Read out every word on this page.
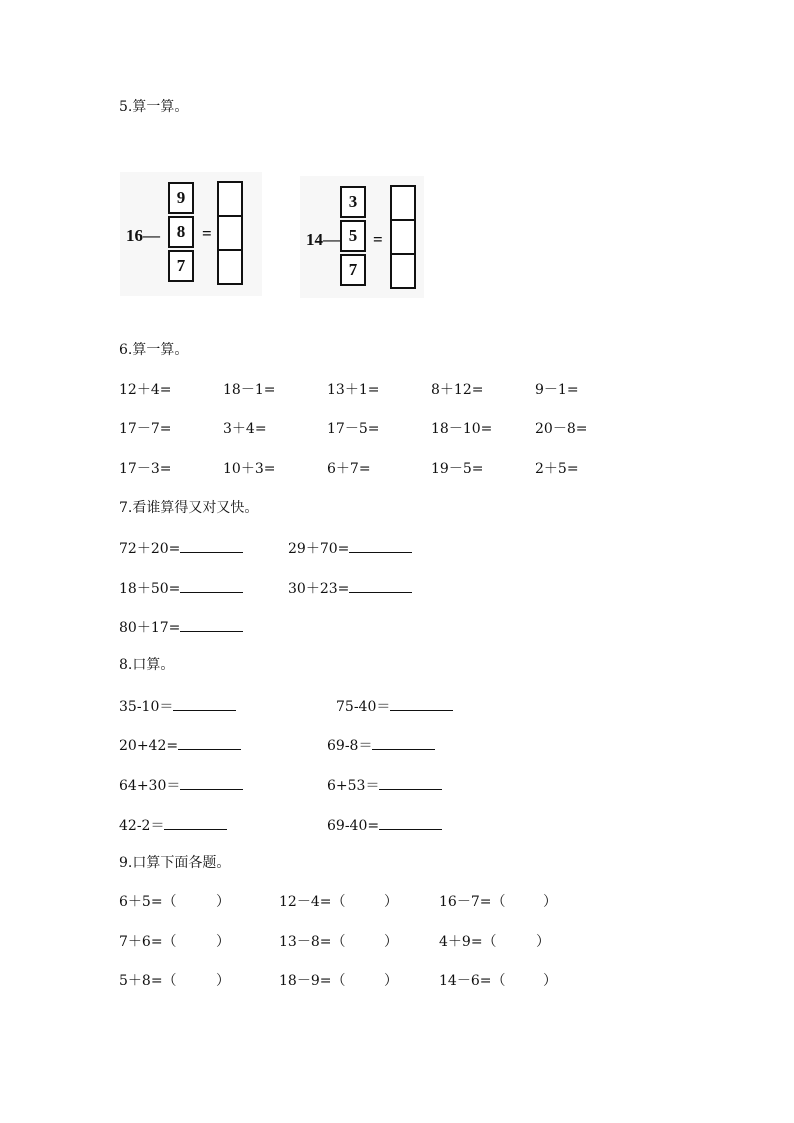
5.算一算。
16—
9
8
7
=	14—
3
5
7
=
6.算一算。
12＋4=	18－1=	13＋1=	8＋12=	9－1=
17－7=	3＋4=	17－5=	18－10=	20－8=
17－3=	10＋3=	6＋7=	19－5=	2＋5=
7.看谁算得又对又快。
72＋20=	29＋70=
18＋50=	30＋23=
80＋17=
8.口算。
35-10＝	75-40＝
20+42=	69-8＝
64+30＝	6+53＝
42-2＝	69-40=
9.口算下面各题。
6＋5=（	）	12－4=（	）	16－7=（	）
7＋6=（	）	13－8=（	）	4＋9=（	）
5＋8=（	）	18－9=（	）	14－6=（	）
